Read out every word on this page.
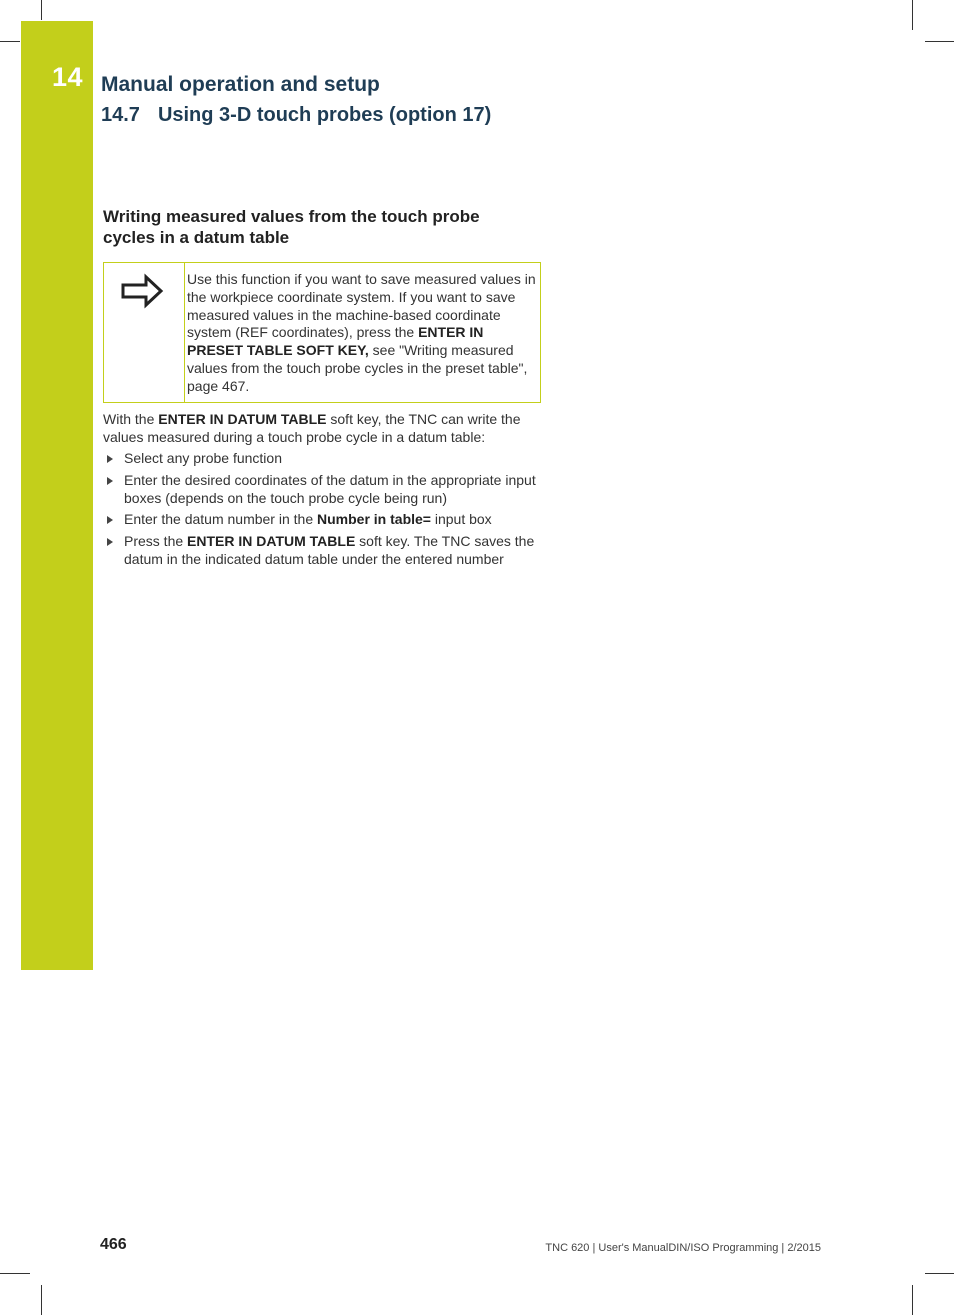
14 Manual operation and setup
14.7 Using 3-D touch probes (option 17)
Writing measured values from the touch probe cycles in a datum table
Use this function if you want to save measured values in the workpiece coordinate system. If you want to save measured values in the machine-based coordinate system (REF coordinates), press the ENTER IN PRESET TABLE SOFT KEY, see "Writing measured values from the touch probe cycles in the preset table", page 467.
With the ENTER IN DATUM TABLE soft key, the TNC can write the values measured during a touch probe cycle in a datum table:
Select any probe function
Enter the desired coordinates of the datum in the appropriate input boxes (depends on the touch probe cycle being run)
Enter the datum number in the Number in table= input box
Press the ENTER IN DATUM TABLE soft key. The TNC saves the datum in the indicated datum table under the entered number
466	TNC 620 | User's ManualDIN/ISO Programming | 2/2015
